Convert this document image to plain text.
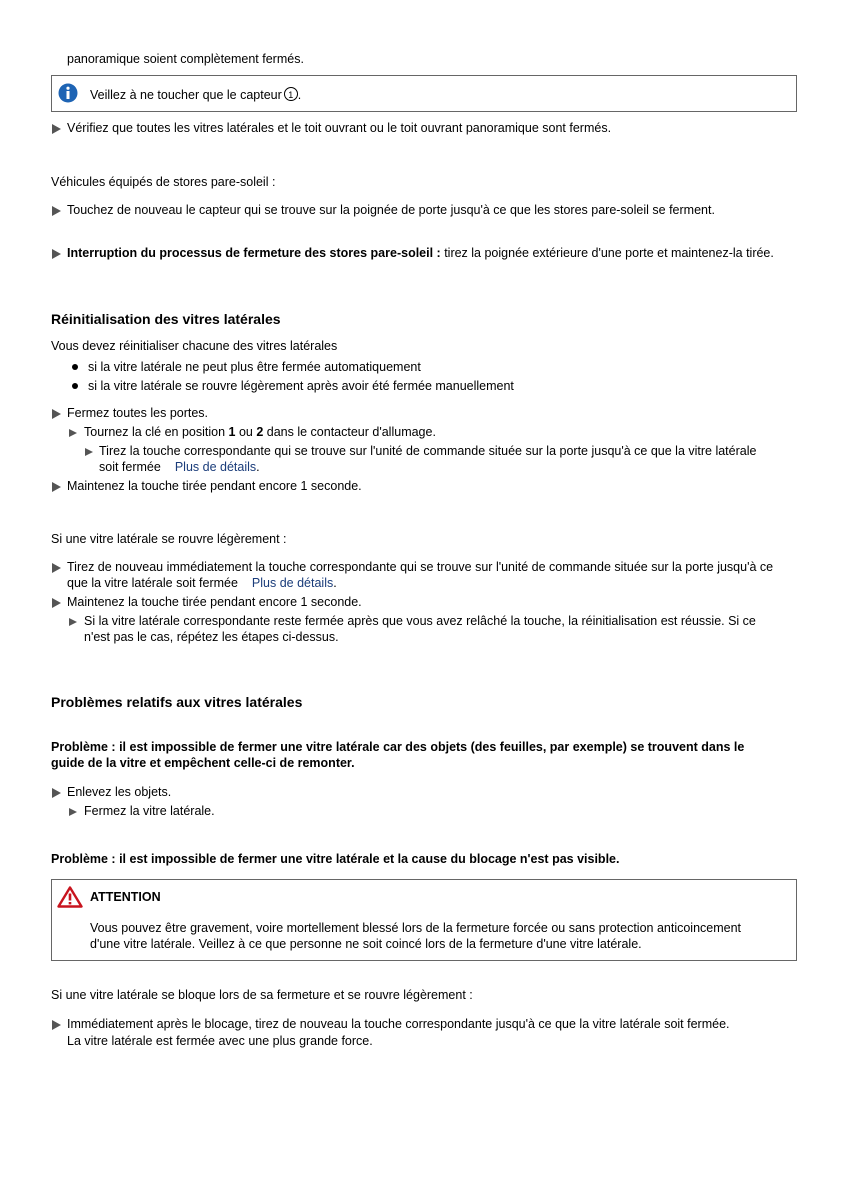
panoramique soient complètement fermés.
Veillez à ne toucher que le capteur 1 .
Vérifiez que toutes les vitres latérales et le toit ouvrant ou le toit ouvrant panoramique sont fermés.
Véhicules équipés de stores pare-soleil :
Touchez de nouveau le capteur qui se trouve sur la poignée de porte jusqu'à ce que les stores pare-soleil se ferment.
Interruption du processus de fermeture des stores pare-soleil : tirez la poignée extérieure d'une porte et maintenez-la tirée.
Réinitialisation des vitres latérales
Vous devez réinitialiser chacune des vitres latérales
si la vitre latérale ne peut plus être fermée automatiquement
si la vitre latérale se rouvre légèrement après avoir été fermée manuellement
Fermez toutes les portes.
Tournez la clé en position 1 ou 2 dans le contacteur d'allumage.
Tirez la touche correspondante qui se trouve sur l'unité de commande située sur la porte jusqu'à ce que la vitre latérale
soit fermée Plus de détails.
Maintenez la touche tirée pendant encore 1 seconde.
Si une vitre latérale se rouvre légèrement :
Tirez de nouveau immédiatement la touche correspondante qui se trouve sur l'unité de commande située sur la porte jusqu'à ce
que la vitre latérale soit fermée Plus de détails.
Maintenez la touche tirée pendant encore 1 seconde.
Si la vitre latérale correspondante reste fermée après que vous avez relâché la touche, la réinitialisation est réussie. Si ce
n'est pas le cas, répétez les étapes ci-dessus.
Problèmes relatifs aux vitres latérales
Problème : il est impossible de fermer une vitre latérale car des objets (des feuilles, par exemple) se trouvent dans le
guide de la vitre et empêchent celle-ci de remonter.
Enlevez les objets.
Fermez la vitre latérale.
Problème : il est impossible de fermer une vitre latérale et la cause du blocage n'est pas visible.
ATTENTION
Vous pouvez être gravement, voire mortellement blessé lors de la fermeture forcée ou sans protection anticoincement
d'une vitre latérale. Veillez à ce que personne ne soit coincé lors de la fermeture d'une vitre latérale.
Si une vitre latérale se bloque lors de sa fermeture et se rouvre légèrement :
Immédiatement après le blocage, tirez de nouveau la touche correspondante jusqu'à ce que la vitre latérale soit fermée.
La vitre latérale est fermée avec une plus grande force.
